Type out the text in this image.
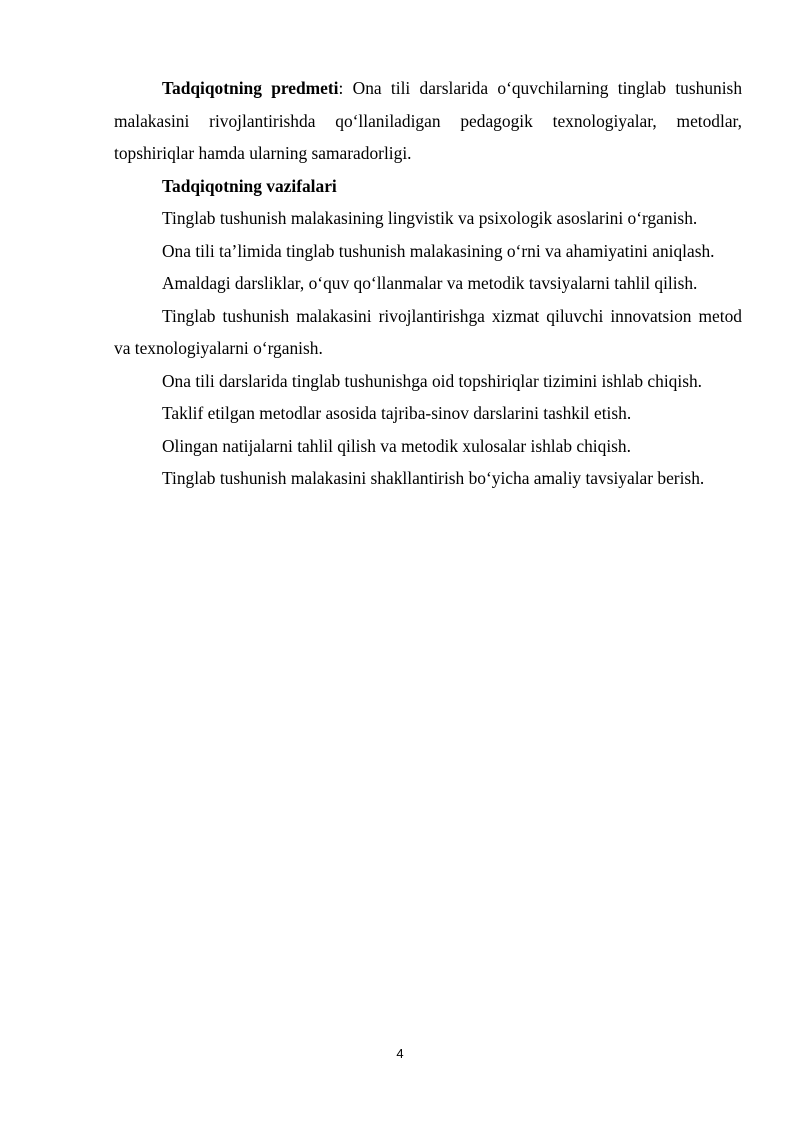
Tadqiqotning predmeti: Ona tili darslarida o‘quvchilarning tinglab tushunish malakasini rivojlantirishda qo‘llaniladigan pedagogik texnologiyalar, metodlar, topshiriqlar hamda ularning samaradorligi.

Tadqiqotning vazifalari

Tinglab tushunish malakasining lingvistik va psixologik asoslarini o‘rganish.

Ona tili ta’limida tinglab tushunish malakasining o‘rni va ahamiyatini aniqlash.

Amaldagi darsliklar, o‘quv qo‘llanmalar va metodik tavsiyalarni tahlil qilish.

Tinglab tushunish malakasini rivojlantirishga xizmat qiluvchi innovatsion metod va texnologiyalarni o‘rganish.

Ona tili darslarida tinglab tushunishga oid topshiriqlar tizimini ishlab chiqish.

Taklif etilgan metodlar asosida tajriba-sinov darslarini tashkil etish.

Olingan natijalarni tahlil qilish va metodik xulosalar ishlab chiqish.

Tinglab tushunish malakasini shakllantirish bo‘yicha amaliy tavsiyalar berish.

4
